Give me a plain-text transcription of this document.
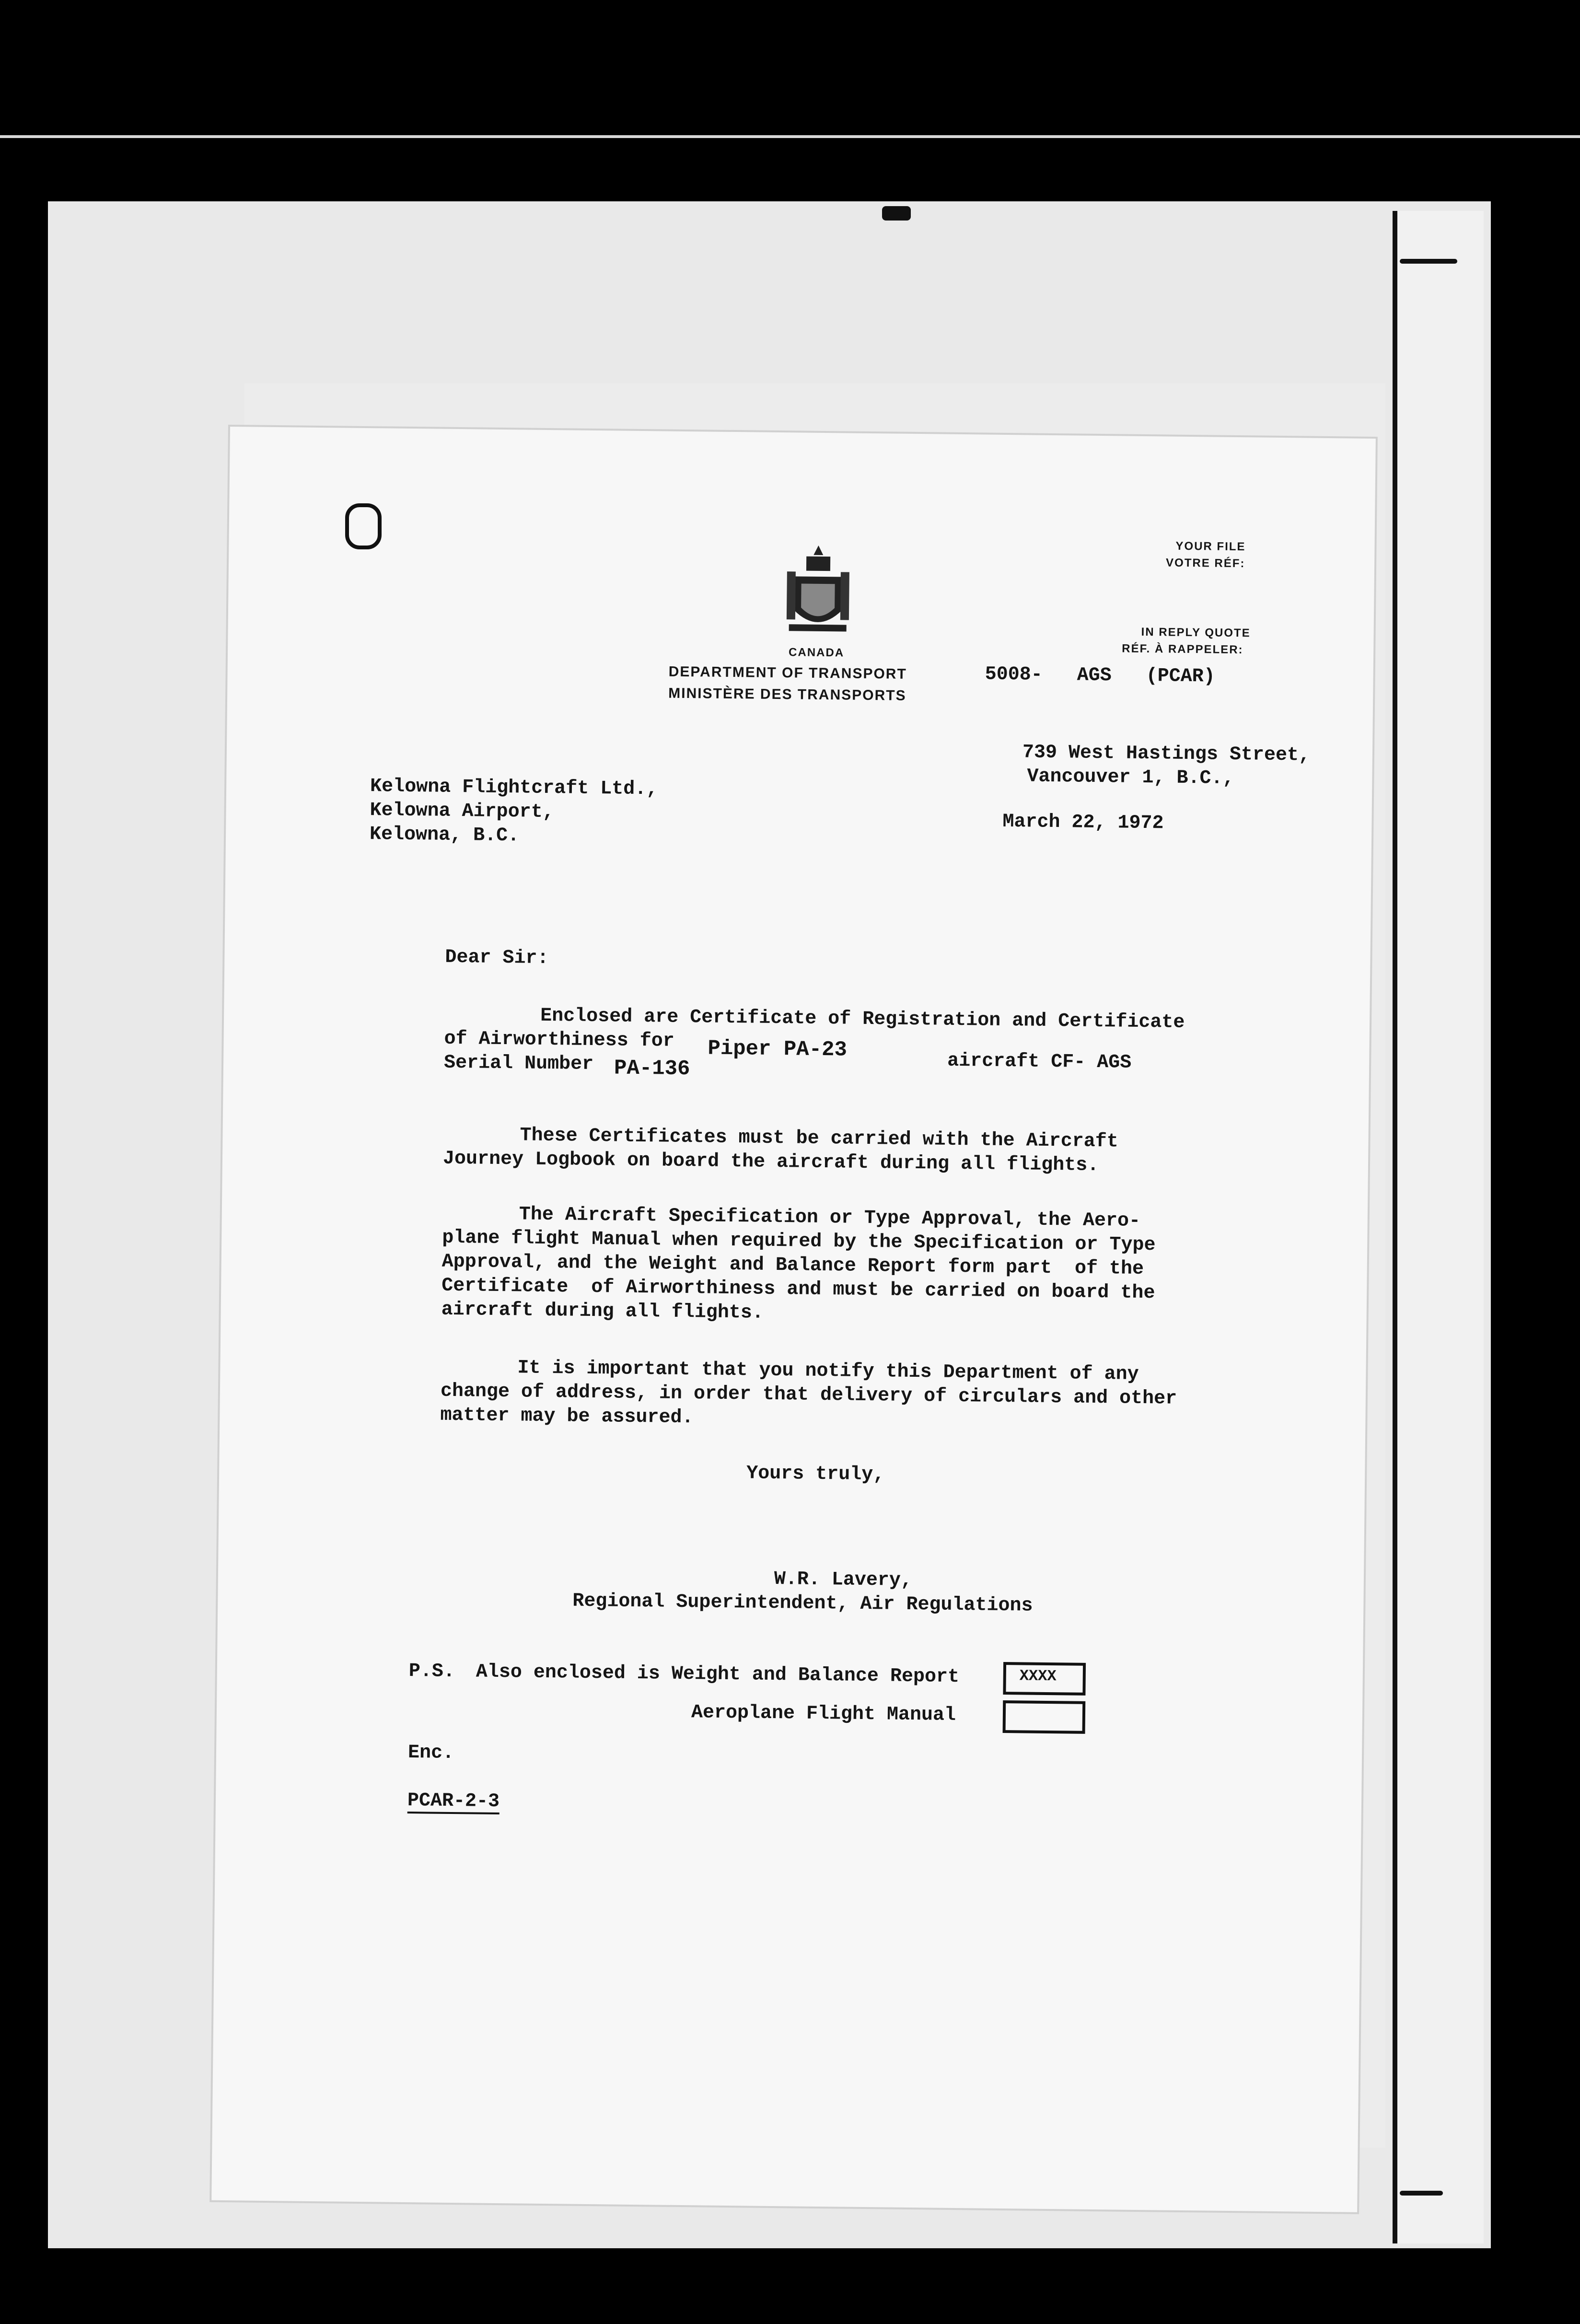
CANADA
DEPARTMENT OF TRANSPORT
MINISTÈRE DES TRANSPORTS
YOUR FILE
VOTRE RÉF:
IN REPLY QUOTE
RÉF. À RAPPELER:
5008-   AGS   (PCAR)
739 West Hastings Street,
Vancouver 1, B.C.,
Kelowna Flightcraft Ltd.,
Kelowna Airport,
Kelowna, B.C.
March 22, 1972
Dear Sir:
Enclosed are Certificate of Registration and Certificate
of Airworthiness for Piper PA-23	aircraft CF- AGS
Serial Number PA-136
These Certificates must be carried with the Aircraft
Journey Logbook on board the aircraft during all flights.
The Aircraft Specification or Type Approval, the Aero-
plane flight Manual when required by the Specification or Type
Approval, and the Weight and Balance Report form part  of the
Certificate  of Airworthiness and must be carried on board the
aircraft during all flights.
It is important that you notify this Department of any
change of address, in order that delivery of circulars and other
matter may be assured.
Yours truly,
W.R. Lavery,
Regional Superintendent, Air Regulations
P.S. Also enclosed is Weight and Balance Report	XXXX
Aeroplane Flight Manual
Enc.
PCAR-2-3
